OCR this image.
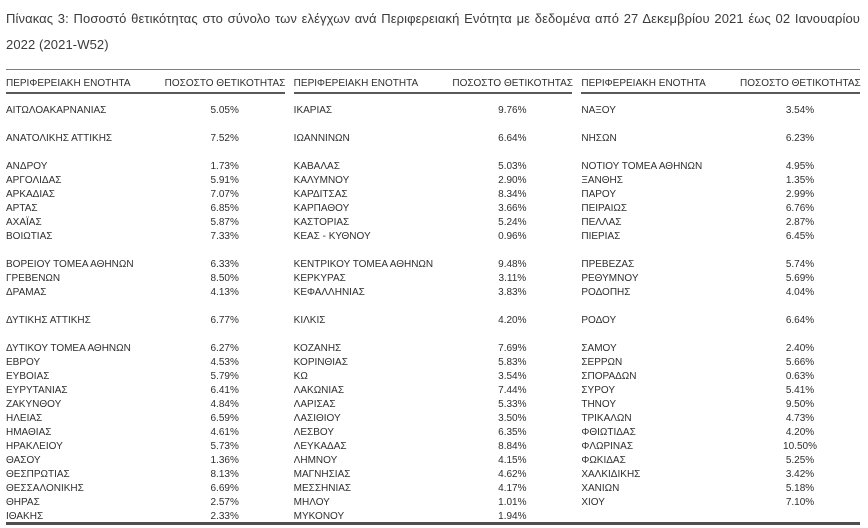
Πίνακας 3: Ποσοστό θετικότητας στο σύνολο των ελέγχων ανά Περιφερειακή Ενότητα με δεδομένα από 27 Δεκεμβρίου 2021 έως 02 Ιανουαρίου 2022 (2021-W52)
ΠΕΡΙΦΕΡΕΙΑΚΗ ΕΝΟΤΗΤΑ	ΠΟΣΟΣΤΟ ΘΕΤΙΚΟΤΗΤΑΣ
ΑΙΤΩΛΟΑΚΑΡΝΑΝΙΑΣ	5.05%
ΑΝΑΤΟΛΙΚΗΣ ΑΤΤΙΚΗΣ	7.52%
ΑΝΔΡΟΥ	1.73%
ΑΡΓΟΛΙΔΑΣ	5.91%
ΑΡΚΑΔΙΑΣ	7.07%
ΑΡΤΑΣ	6.85%
ΑΧΑΪΑΣ	5.87%
ΒΟΙΩΤΙΑΣ	7.33%
ΒΟΡΕΙΟΥ ΤΟΜΕΑ ΑΘΗΝΩΝ	6.33%
ΓΡΕΒΕΝΩΝ	8.50%
ΔΡΑΜΑΣ	4.13%
ΔΥΤΙΚΗΣ ΑΤΤΙΚΗΣ	6.77%
ΔΥΤΙΚΟΥ ΤΟΜΕΑ ΑΘΗΝΩΝ	6.27%
ΕΒΡΟΥ	4.53%
ΕΥΒΟΙΑΣ	5.79%
ΕΥΡΥΤΑΝΙΑΣ	6.41%
ΖΑΚΥΝΘΟΥ	4.84%
ΗΛΕΙΑΣ	6.59%
ΗΜΑΘΙΑΣ	4.61%
ΗΡΑΚΛΕΙΟΥ	5.73%
ΘΑΣΟΥ	1.36%
ΘΕΣΠΡΩΤΙΑΣ	8.13%
ΘΕΣΣΑΛΟΝΙΚΗΣ	6.69%
ΘΗΡΑΣ	2.57%
ΙΘΑΚΗΣ	2.33%
ΠΕΡΙΦΕΡΕΙΑΚΗ ΕΝΟΤΗΤΑ	ΠΟΣΟΣΤΟ ΘΕΤΙΚΟΤΗΤΑΣ
ΙΚΑΡΙΑΣ	9.76%
ΙΩΑΝΝΙΝΩΝ	6.64%
ΚΑΒΑΛΑΣ	5.03%
ΚΑΛΥΜΝΟΥ	2.90%
ΚΑΡΔΙΤΣΑΣ	8.34%
ΚΑΡΠΑΘΟΥ	3.66%
ΚΑΣΤΟΡΙΑΣ	5.24%
ΚΕΑΣ - ΚΥΘΝΟΥ	0.96%
ΚΕΝΤΡΙΚΟΥ ΤΟΜΕΑ ΑΘΗΝΩΝ	9.48%
ΚΕΡΚΥΡΑΣ	3.11%
ΚΕΦΑΛΛΗΝΙΑΣ	3.83%
ΚΙΛΚΙΣ	4.20%
ΚΟΖΑΝΗΣ	7.69%
ΚΟΡΙΝΘΙΑΣ	5.83%
ΚΩ	3.54%
ΛΑΚΩΝΙΑΣ	7.44%
ΛΑΡΙΣΑΣ	5.33%
ΛΑΣΙΘΙΟΥ	3.50%
ΛΕΣΒΟΥ	6.35%
ΛΕΥΚΑΔΑΣ	8.84%
ΛΗΜΝΟΥ	4.15%
ΜΑΓΝΗΣΙΑΣ	4.62%
ΜΕΣΣΗΝΙΑΣ	4.17%
ΜΗΛΟΥ	1.01%
ΜΥΚΟΝΟΥ	1.94%
ΠΕΡΙΦΕΡΕΙΑΚΗ ΕΝΟΤΗΤΑ	ΠΟΣΟΣΤΟ ΘΕΤΙΚΟΤΗΤΑΣ
ΝΑΞΟΥ	3.54%
ΝΗΣΩΝ	6.23%
ΝΟΤΙΟΥ ΤΟΜΕΑ ΑΘΗΝΩΝ	4.95%
ΞΑΝΘΗΣ	1.35%
ΠΑΡΟΥ	2.99%
ΠΕΙΡΑΙΩΣ	6.76%
ΠΕΛΛΑΣ	2.87%
ΠΙΕΡΙΑΣ	6.45%
ΠΡΕΒΕΖΑΣ	5.74%
ΡΕΘΥΜΝΟΥ	5.69%
ΡΟΔΟΠΗΣ	4.04%
ΡΟΔΟΥ	6.64%
ΣΑΜΟΥ	2.40%
ΣΕΡΡΩΝ	5.66%
ΣΠΟΡΑΔΩΝ	0.63%
ΣΥΡΟΥ	5.41%
ΤΗΝΟΥ	9.50%
ΤΡΙΚΑΛΩΝ	4.73%
ΦΘΙΩΤΙΔΑΣ	4.20%
ΦΛΩΡΙΝΑΣ	10.50%
ΦΩΚΙΔΑΣ	5.25%
ΧΑΛΚΙΔΙΚΗΣ	3.42%
ΧΑΝΙΩΝ	5.18%
ΧΙΟΥ	7.10%
